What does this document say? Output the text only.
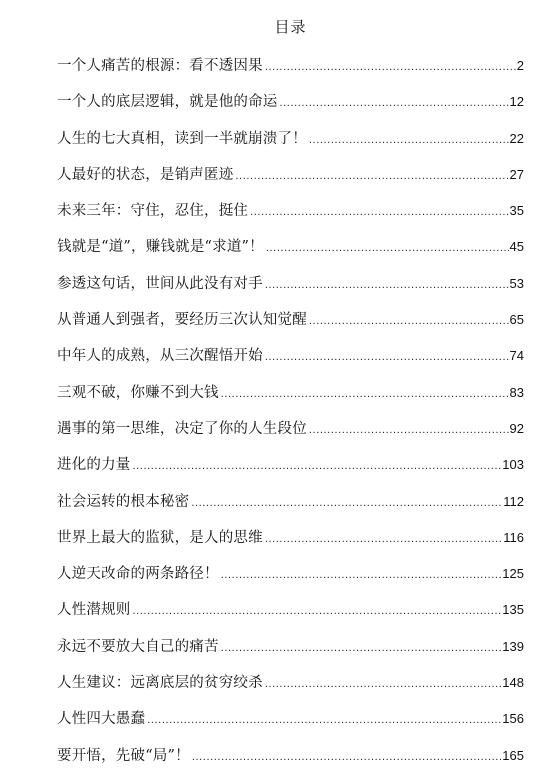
目录
一个人痛苦的根源：看不透因果 .....	2
一个人的底层逻辑，就是他的命运 .....	12
人生的七大真相，读到一半就崩溃了！ .....	22
人最好的状态，是销声匿迹 .....	27
未来三年：守住，忍住，挺住 .....	35
钱就是“道”，赚钱就是“求道”！ .....	45
参透这句话，世间从此没有对手 .....	53
从普通人到强者，要经历三次认知觉醒 .....	65
中年人的成熟，从三次醒悟开始 .....	74
三观不破，你赚不到大钱 .....	83
遇事的第一思维，决定了你的人生段位 .....	92
进化的力量 .....	103
社会运转的根本秘密 .....	112
世界上最大的监狱，是人的思维 .....	116
人逆天改命的两条路径！ .....	125
人性潜规则 .....	135
永远不要放大自己的痛苦 .....	139
人生建议：远离底层的贫穷绞杀 .....	148
人性四大愚蠢 .....	156
要开悟，先破“局”！ .....	165
